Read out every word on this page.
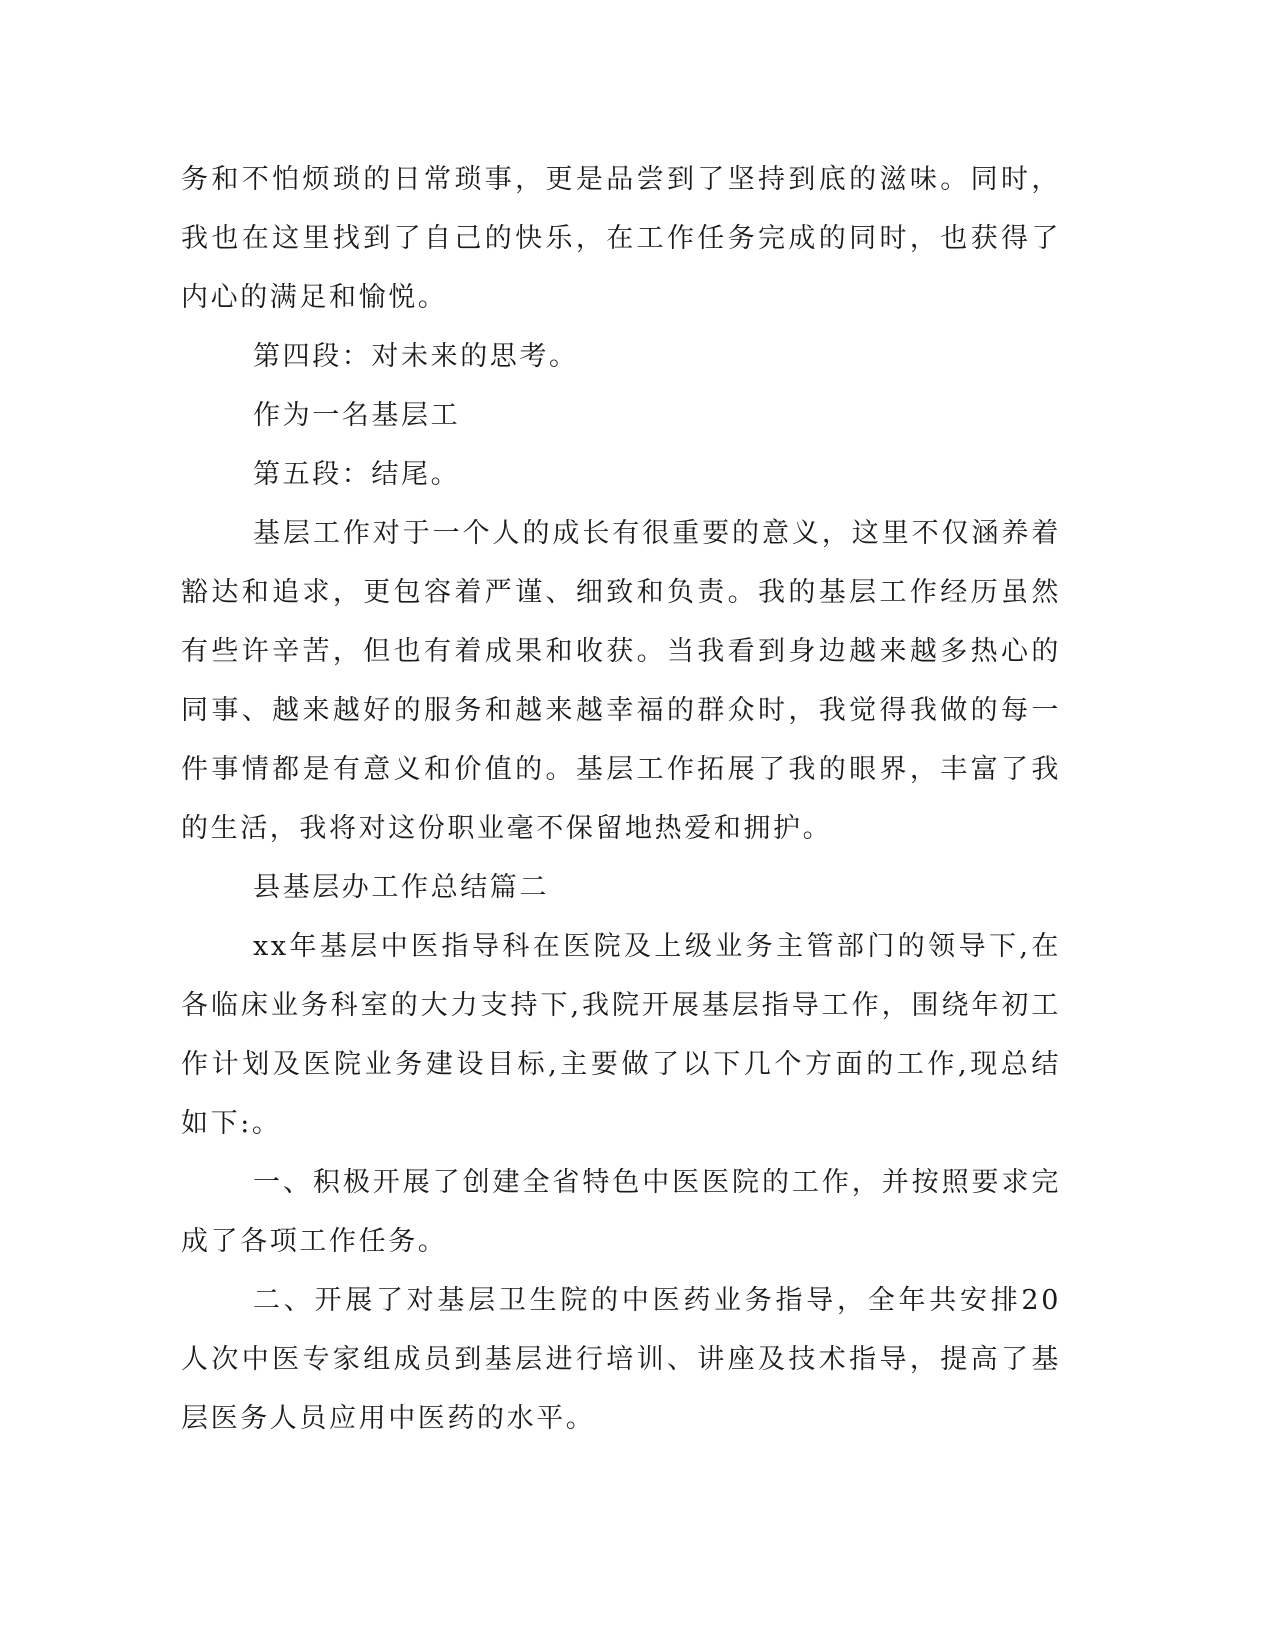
务和不怕烦琐的日常琐事，更是品尝到了坚持到底的滋味。同时，我也在这里找到了自己的快乐，在工作任务完成的同时，也获得了内心的满足和愉悦。

第四段：对未来的思考。

作为一名基层工

第五段：结尾。

基层工作对于一个人的成长有很重要的意义，这里不仅涵养着豁达和追求，更包容着严谨、细致和负责。我的基层工作经历虽然有些许辛苦，但也有着成果和收获。当我看到身边越来越多热心的同事、越来越好的服务和越来越幸福的群众时，我觉得我做的每一件事情都是有意义和价值的。基层工作拓展了我的眼界，丰富了我的生活，我将对这份职业毫不保留地热爱和拥护。

县基层办工作总结篇二

xx年基层中医指导科在医院及上级业务主管部门的领导下,在各临床业务科室的大力支持下,我院开展基层指导工作，围绕年初工作计划及医院业务建设目标,主要做了以下几个方面的工作,现总结如下:。

一、积极开展了创建全省特色中医医院的工作，并按照要求完成了各项工作任务。

二、开展了对基层卫生院的中医药业务指导，全年共安排20人次中医专家组成员到基层进行培训、讲座及技术指导，提高了基层医务人员应用中医药的水平。
